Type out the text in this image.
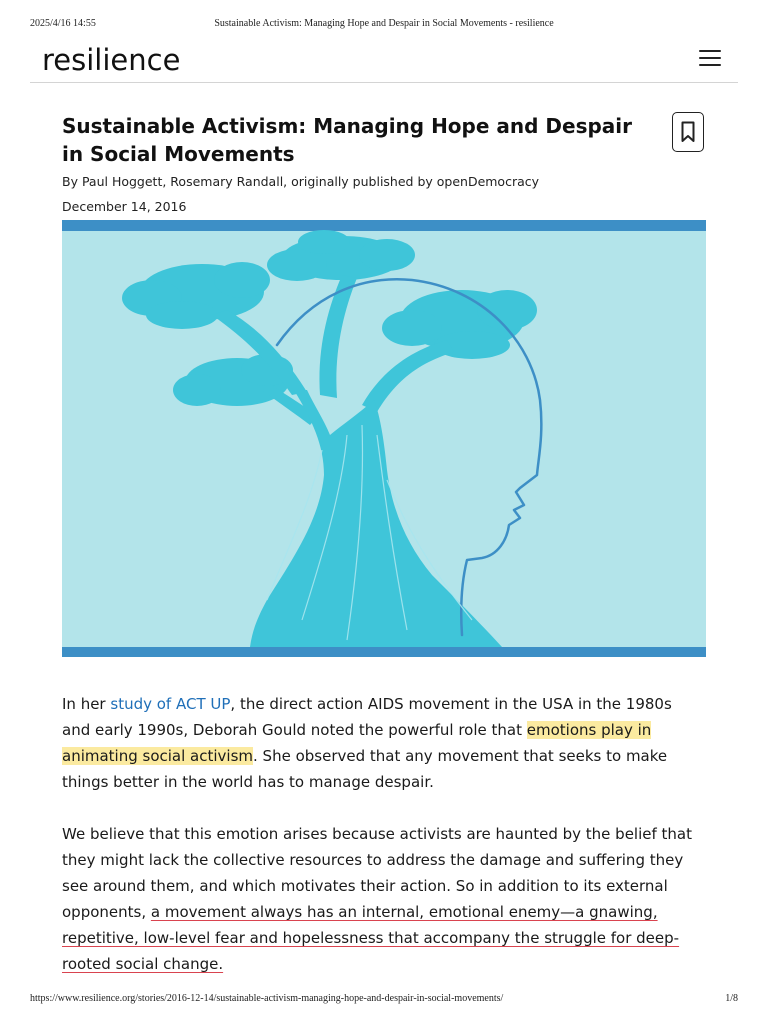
2025/4/16 14:55	Sustainable Activism: Managing Hope and Despair in Social Movements - resilience
resilience
Sustainable Activism: Managing Hope and Despair in Social Movements
By Paul Hoggett, Rosemary Randall, originally published by openDemocracy
December 14, 2016

In her study of ACT UP, the direct action AIDS movement in the USA in the 1980s and early 1990s, Deborah Gould noted the powerful role that emotions play in animating social activism. She observed that any movement that seeks to make things better in the world has to manage despair.

We believe that this emotion arises because activists are haunted by the belief that they might lack the collective resources to address the damage and suffering they see around them, and which motivates their action. So in addition to its external opponents, a movement always has an internal, emotional enemy—a gnawing, repetitive, low-level fear and hopelessness that accompany the struggle for deep-rooted social change.

https://www.resilience.org/stories/2016-12-14/sustainable-activism-managing-hope-and-despair-in-social-movements/	1/8
